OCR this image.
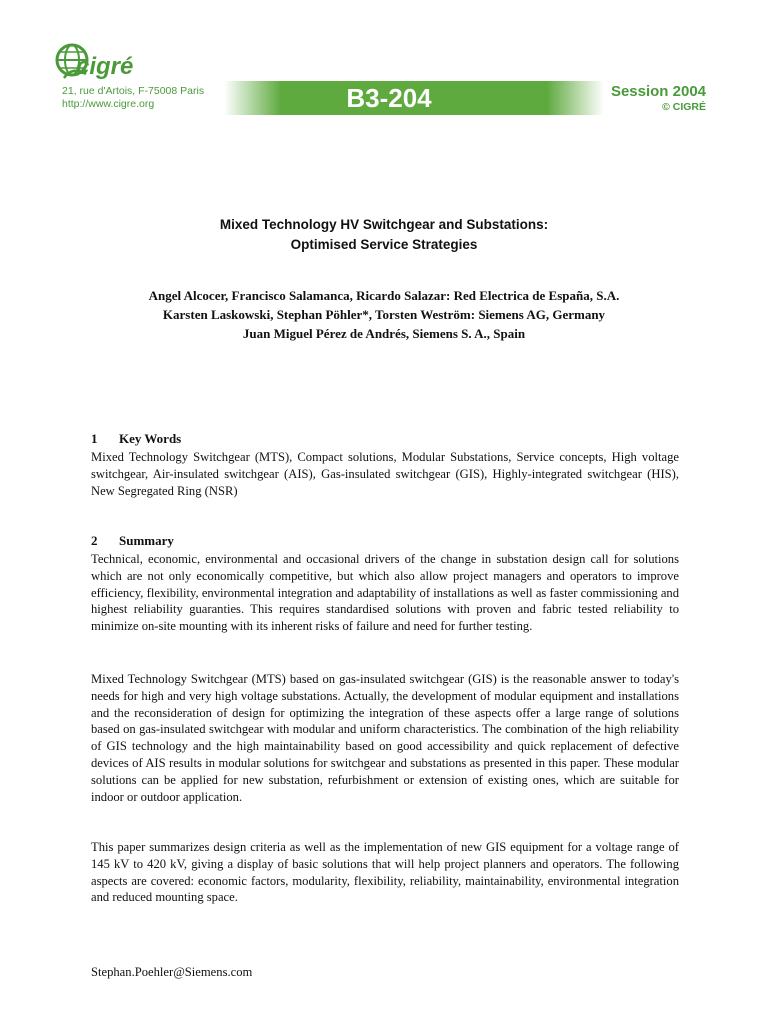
cigré
21, rue d'Artois, F-75008 Paris
http://www.cigre.org	B3-204	Session 2004
© CIGRÉ
Mixed Technology HV Switchgear and Substations:
Optimised Service Strategies
Angel Alcocer, Francisco Salamanca, Ricardo Salazar: Red Electrica de España, S.A.
Karsten Laskowski, Stephan Pöhler*, Torsten Weström: Siemens AG, Germany
Juan Miguel Pérez de Andrés, Siemens S. A., Spain
1 Key Words

Mixed Technology Switchgear (MTS), Compact solutions, Modular Substations, Service concepts, High voltage switchgear, Air-insulated switchgear (AIS), Gas-insulated switchgear (GIS), Highly-integrated switchgear (HIS), New Segregated Ring (NSR)

2 Summary

Technical, economic, environmental and occasional drivers of the change in substation design call for solutions which are not only economically competitive, but which also allow project managers and operators to improve efficiency, flexibility, environmental integration and adaptability of installations as well as faster commissioning and highest reliability guaranties. This requires standardised solutions with proven and fabric tested reliability to minimize on-site mounting with its inherent risks of failure and need for further testing.

Mixed Technology Switchgear (MTS) based on gas-insulated switchgear (GIS) is the reasonable answer to today's needs for high and very high voltage substations. Actually, the development of modular equipment and installations and the reconsideration of design for optimizing the integration of these aspects offer a large range of solutions based on gas-insulated switchgear with modular and uniform characteristics. The combination of the high reliability of GIS technology and the high maintainability based on good accessibility and quick replacement of defective devices of AIS results in modular solutions for switchgear and substations as presented in this paper. These modular solutions can be applied for new substation, refurbishment or extension of existing ones, which are suitable for indoor or outdoor application.

This paper summarizes design criteria as well as the implementation of new GIS equipment for a voltage range of 145 kV to 420 kV, giving a display of basic solutions that will help project planners and operators. The following aspects are covered: economic factors, modularity, flexibility, reliability, maintainability, environmental integration and reduced mounting space.

Stephan.Poehler@Siemens.com
